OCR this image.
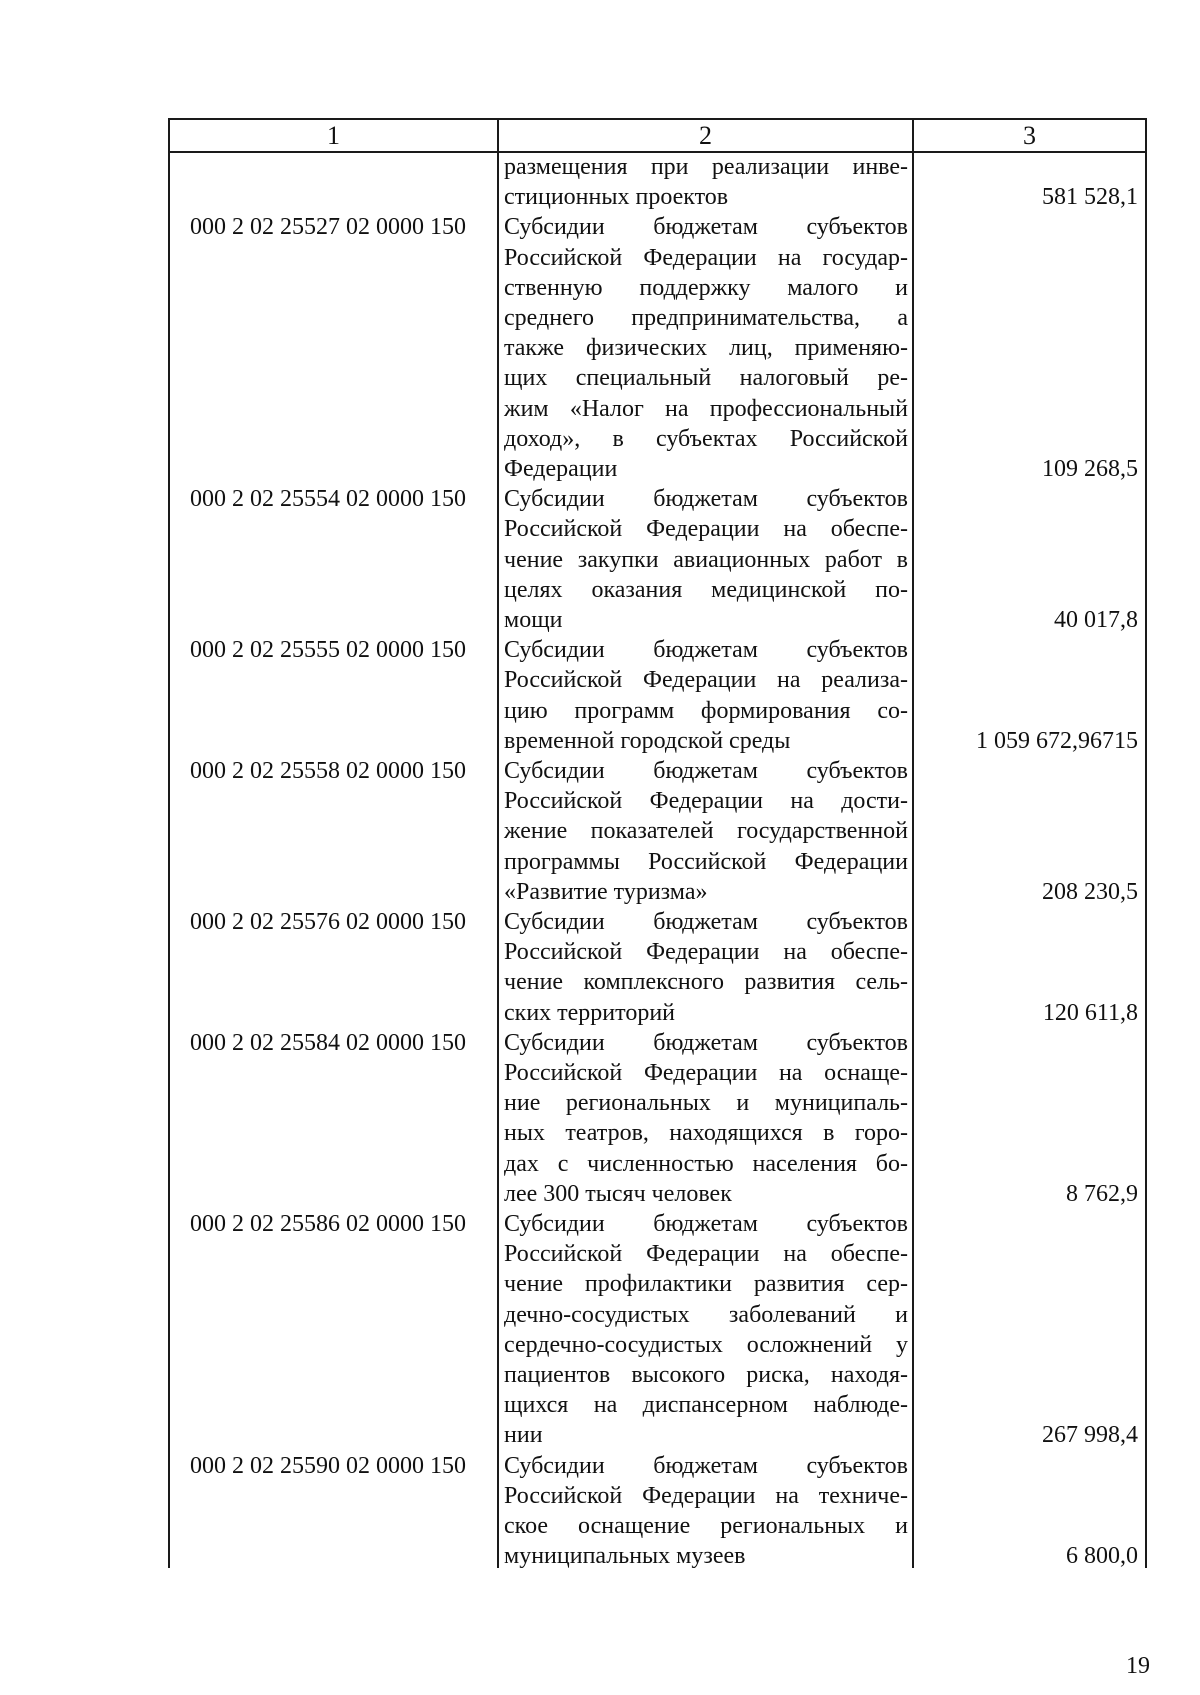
1	2	3
размещения при реализации инве-
стиционных проектов	581 528,1
000 2 02 25527 02 0000 150	Субсидии бюджетам субъектов
Российской Федерации на государ-
ственную поддержку малого и
среднего предпринимательства, а
также физических лиц, применяю-
щих специальный налоговый ре-
жим «Налог на профессиональный
доход», в субъектах Российской
Федерации	109 268,5
000 2 02 25554 02 0000 150	Субсидии бюджетам субъектов
Российской Федерации на обеспе-
чение закупки авиационных работ в
целях оказания медицинской по-
мощи	40 017,8
000 2 02 25555 02 0000 150	Субсидии бюджетам субъектов
Российской Федерации на реализа-
цию программ формирования со-
временной городской среды	1 059 672,96715
000 2 02 25558 02 0000 150	Субсидии бюджетам субъектов
Российской Федерации на дости-
жение показателей государственной
программы Российской Федерации
«Развитие туризма»	208 230,5
000 2 02 25576 02 0000 150	Субсидии бюджетам субъектов
Российской Федерации на обеспе-
чение комплексного развития сель-
ских территорий	120 611,8
000 2 02 25584 02 0000 150	Субсидии бюджетам субъектов
Российской Федерации на оснаще-
ние региональных и муниципаль-
ных театров, находящихся в горо-
дах с численностью населения бо-
лее 300 тысяч человек	8 762,9
000 2 02 25586 02 0000 150	Субсидии бюджетам субъектов
Российской Федерации на обеспе-
чение профилактики развития сер-
дечно-сосудистых заболеваний и
сердечно-сосудистых осложнений у
пациентов высокого риска, находя-
щихся на диспансерном наблюде-
нии	267 998,4
000 2 02 25590 02 0000 150	Субсидии бюджетам субъектов
Российской Федерации на техниче-
ское оснащение региональных и
муниципальных музеев	6 800,0
19
